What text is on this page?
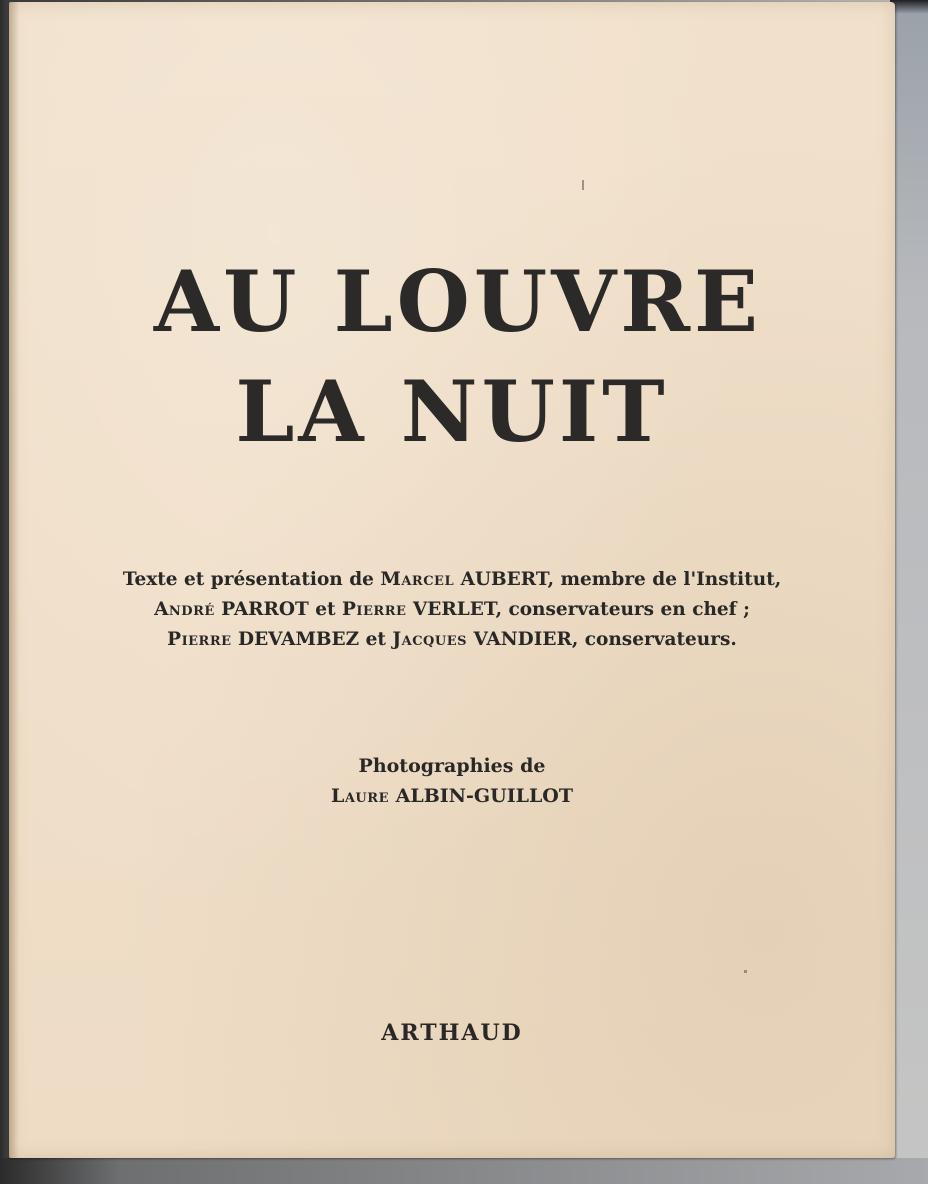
AU LOUVRE
LA NUIT
Texte et présentation de Marcel AUBERT, membre de l'Institut,
André PARROT et Pierre VERLET, conservateurs en chef ;
Pierre DEVAMBEZ et Jacques VANDIER, conservateurs.
Photographies de
Laure ALBIN-GUILLOT
ARTHAUD
